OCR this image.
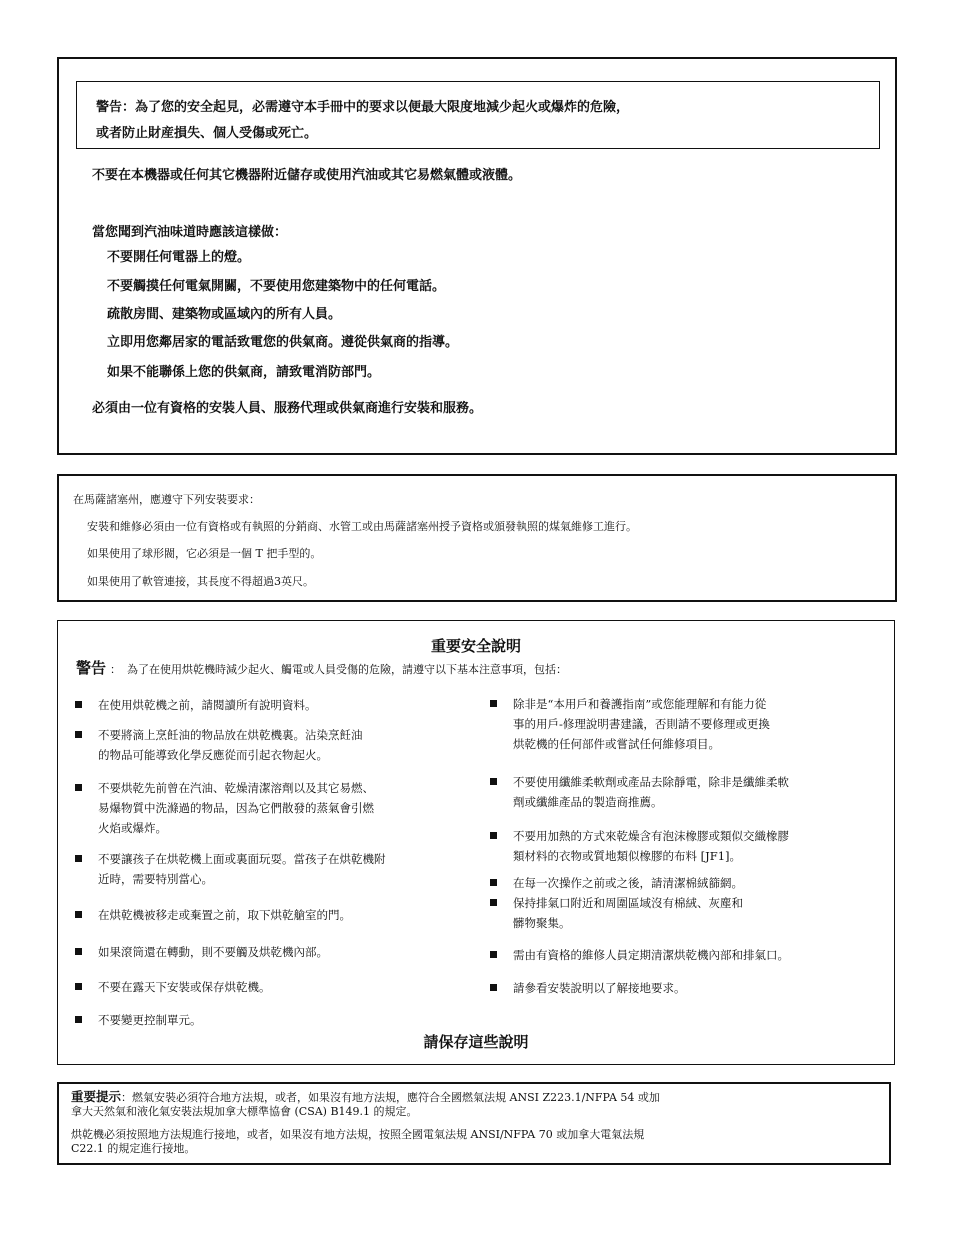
警告：為了您的安全起見，必需遵守本手冊中的要求以便最大限度地減少起火或爆炸的危險，
或者防止財産損失、個人受傷或死亡。
不要在本機器或任何其它機器附近儲存或使用汽油或其它易燃氣體或液體。
當您聞到汽油味道時應該這樣做：
不要開任何電器上的燈。
不要觸摸任何電氣開關，不要使用您建築物中的任何電話。
疏散房間、建築物或區域內的所有人員。
立即用您鄰居家的電話致電您的供氣商。遵從供氣商的指導。
如果不能聯係上您的供氣商，請致電消防部門。
必須由一位有資格的安裝人員、服務代理或供氣商進行安裝和服務。
在馬薩諸塞州，應遵守下列安裝要求：
安裝和維修必須由一位有資格或有執照的分銷商、水管工或由馬薩諸塞州授予資格或頒發執照的煤氣維修工進行。
如果使用了球形閥，它必須是一個 T 把手型的。
如果使用了軟管連接，其長度不得超過3英尺。
重要安全說明
警告 ： 為了在使用烘乾機時減少起火、觸電或人員受傷的危險，請遵守以下基本注意事項，包括：
在使用烘乾機之前，請閱讀所有說明資料。
不要將滴上烹飪油的物品放在烘乾機裏。沾染烹飪油
的物品可能導致化學反應從而引起衣物起火。
不要烘乾先前曾在汽油、乾燥清潔溶劑以及其它易燃、
易爆物質中洗滌過的物品，因為它們散發的蒸氣會引燃
火焰或爆炸。
不要讓孩子在烘乾機上面或裏面玩耍。當孩子在烘乾機附
近時，需要特別當心。
在烘乾機被移走或棄置之前，取下烘乾艙室的門。
如果滾筒還在轉動，則不要觸及烘乾機內部。
不要在露天下安裝或保存烘乾機。
不要變更控制單元。
除非是“本用戶和養護指南”或您能理解和有能力從
事的用戶-修理說明書建議，否則請不要修理或更換
烘乾機的任何部件或嘗試任何維修項目。
不要使用纖維柔軟劑或產品去除靜電，除非是纖維柔軟
劑或纖維產品的製造商推薦。
不要用加熱的方式來乾燥含有泡沫橡膠或類似交織橡膠
類材料的衣物或質地類似橡膠的布料 [JF1]。
在每一次操作之前或之後，請清潔棉絨篩網。
保持排氣口附近和周圍區域沒有棉絨、灰塵和
髒物聚集。
需由有資格的維修人員定期清潔烘乾機內部和排氣口。
請參看安裝說明以了解接地要求。
請保存這些說明
重要提示：燃氣安裝必須符合地方法規，或者，如果沒有地方法規，應符合全國燃氣法規 ANSI Z223.1/NFPA 54 或加
拿大天然氣和液化氣安裝法規加拿大標準協會 (CSA) B149.1 的規定。
烘乾機必須按照地方法規進行接地，或者，如果沒有地方法規，按照全國電氣法規 ANSI/NFPA 70 或加拿大電氣法規
C22.1 的規定進行接地。
